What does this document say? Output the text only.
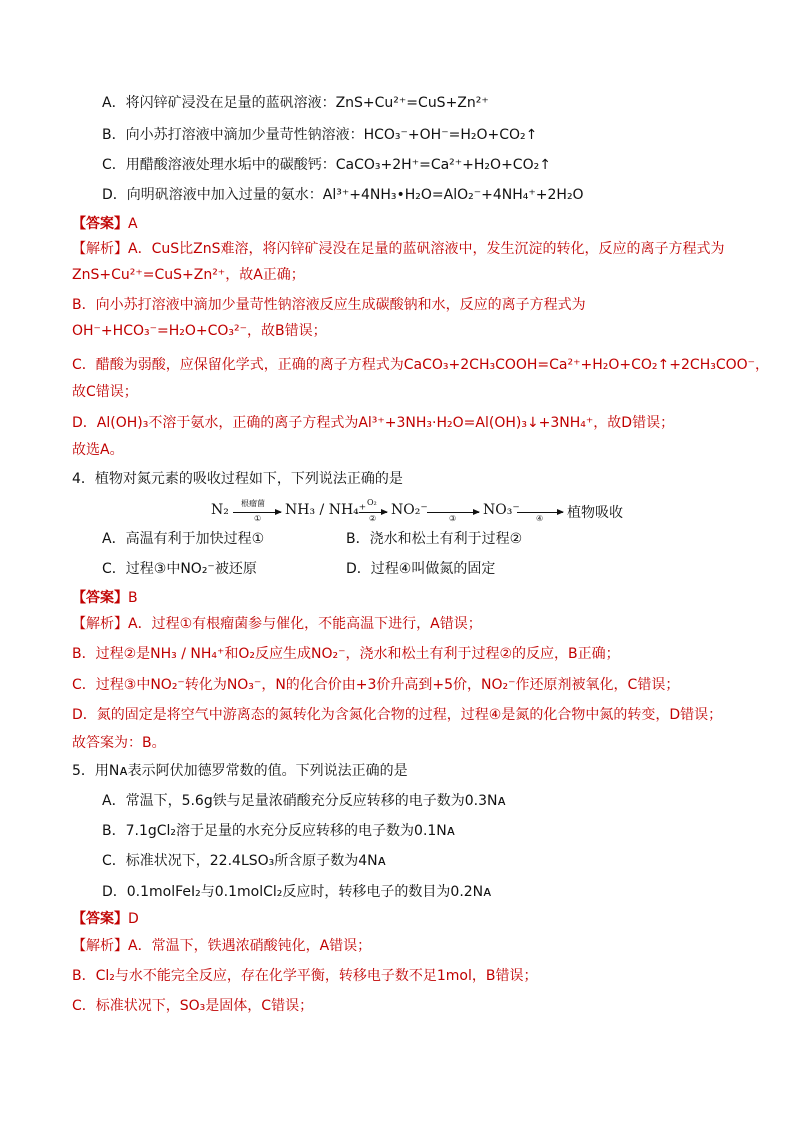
A．将闪锌矿浸没在足量的蓝矾溶液：ZnS+Cu²⁺=CuS+Zn²⁺
B．向小苏打溶液中滴加少量苛性钠溶液：HCO₃⁻+OH⁻=H₂O+CO₂↑
C．用醋酸溶液处理水垢中的碳酸钙：CaCO₃+2H⁺=Ca²⁺+H₂O+CO₂↑
D．向明矾溶液中加入过量的氨水：Al³⁺+4NH₃•H₂O=AlO₂⁻+4NH₄⁺+2H₂O
【答案】A
【解析】A．CuS比ZnS难溶，将闪锌矿浸没在足量的蓝矾溶液中，发生沉淀的转化，反应的离子方程式为
ZnS+Cu²⁺=CuS+Zn²⁺，故A正确；
B．向小苏打溶液中滴加少量苛性钠溶液反应生成碳酸钠和水，反应的离子方程式为
OH⁻+HCO₃⁻=H₂O+CO₃²⁻，故B错误；
C．醋酸为弱酸，应保留化学式，正确的离子方程式为CaCO₃+2CH₃COOH=Ca²⁺+H₂O+CO₂↑+2CH₃COO⁻，
故C错误；
D．Al(OH)₃不溶于氨水，正确的离子方程式为Al³⁺+3NH₃·H₂O=Al(OH)₃↓+3NH₄⁺，故D错误；
故选A。
4．植物对氮元素的吸收过程如下，下列说法正确的是
N₂ 根瘤菌
①
NH₃ / NH₄⁺ O₂
②
NO₂⁻
③
NO₃⁻
④ 植物吸收
A．高温有利于加快过程①	B．浇水和松土有利于过程②
C．过程③中NO₂⁻被还原	D．过程④叫做氮的固定
【答案】B
【解析】A．过程①有根瘤菌参与催化，不能高温下进行，A错误；
B．过程②是NH₃ / NH₄⁺和O₂反应生成NO₂⁻，浇水和松土有利于过程②的反应，B正确；
C．过程③中NO₂⁻转化为NO₃⁻，N的化合价由+3价升高到+5价，NO₂⁻作还原剂被氧化，C错误；
D．氮的固定是将空气中游离态的氮转化为含氮化合物的过程，过程④是氮的化合物中氮的转变，D错误；
故答案为：B。
5．用Nᴀ表示阿伏加德罗常数的值。下列说法正确的是
A．常温下，5.6g铁与足量浓硝酸充分反应转移的电子数为0.3Nᴀ
B．7.1gCl₂溶于足量的水充分反应转移的电子数为0.1Nᴀ
C．标准状况下，22.4LSO₃所含原子数为4Nᴀ
D．0.1molFeI₂与0.1molCl₂反应时，转移电子的数目为0.2Nᴀ
【答案】D
【解析】A．常温下，铁遇浓硝酸钝化，A错误；
B．Cl₂与水不能完全反应，存在化学平衡，转移电子数不足1mol，B错误；
C．标准状况下，SO₃是固体，C错误；
